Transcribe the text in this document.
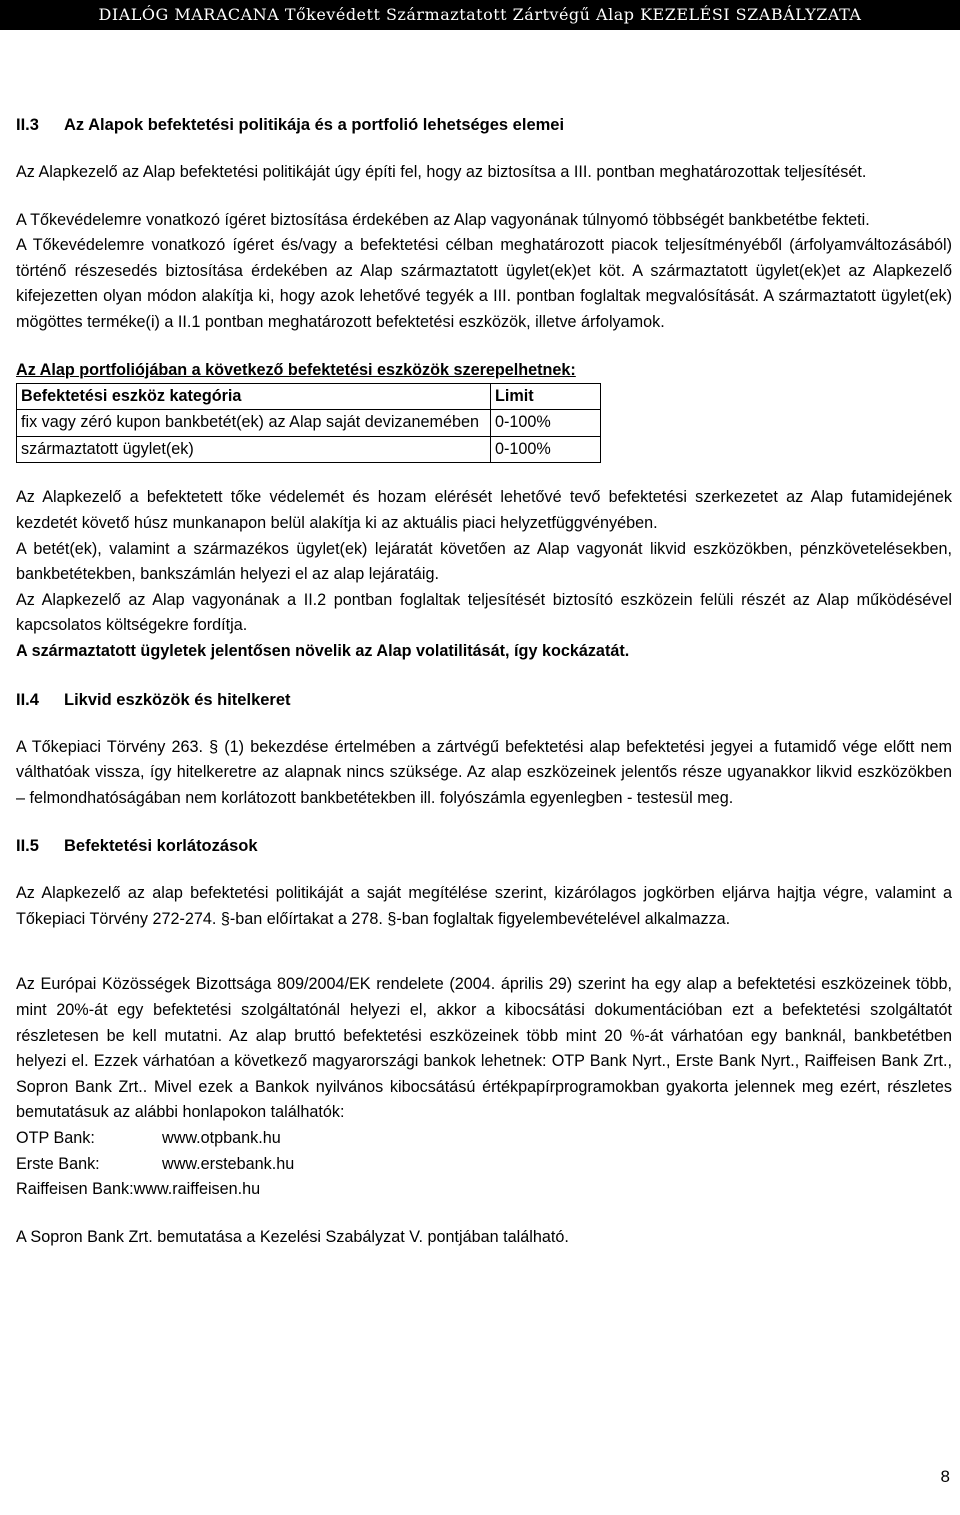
DIALÓG MARACANA Tőkevédett Származtatott Zártvégű Alap KEZELÉSI SZABÁLYZATA
II.3 Az Alapok befektetési politikája és a portfolió lehetséges elemei

Az Alapkezelő az Alap befektetési politikáját úgy építi fel, hogy az biztosítsa a III. pontban meghatározottak teljesítését.

A Tőkevédelemre vonatkozó ígéret biztosítása érdekében az Alap vagyonának túlnyomó többségét bankbetétbe fekteti.

A Tőkevédelemre vonatkozó ígéret és/vagy a befektetési célban meghatározott piacok teljesítményéből (árfolyamváltozásából) történő részesedés biztosítása érdekében az Alap származtatott ügylet(ek)et köt. A származtatott ügylet(ek)et az Alapkezelő kifejezetten olyan módon alakítja ki, hogy azok lehetővé tegyék a III. pontban foglaltak megvalósítását. A származtatott ügylet(ek) mögöttes terméke(i) a II.1 pontban meghatározott befektetési eszközök, illetve árfolyamok.

Az Alap portfoliójában a következő befektetési eszközök szerepelhetnek:

Befektetési eszköz kategória	Limit
fix vagy zéró kupon bankbetét(ek) az Alap saját devizanemében	0-100%
származtatott ügylet(ek)	0-100%

Az Alapkezelő a befektetett tőke védelemét és hozam elérését lehetővé tevő befektetési szerkezetet az Alap futamidejének kezdetét követő húsz munkanapon belül alakítja ki az aktuális piaci helyzetfüggvényében.

A betét(ek), valamint a származékos ügylet(ek) lejáratát követően az Alap vagyonát likvid eszközökben, pénzkövetelésekben, bankbetétekben, bankszámlán helyezi el az alap lejáratáig.

Az Alapkezelő az Alap vagyonának a II.2 pontban foglaltak teljesítését biztosító eszközein felüli részét az Alap működésével kapcsolatos költségekre fordítja.

A származtatott ügyletek jelentősen növelik az Alap volatilitását, így kockázatát.

II.4 Likvid eszközök és hitelkeret

A Tőkepiaci Törvény 263. § (1) bekezdése értelmében a zártvégű befektetési alap befektetési jegyei a futamidő vége előtt nem válthatóak vissza, így hitelkeretre az alapnak nincs szüksége. Az alap eszközeinek jelentős része ugyanakkor likvid eszközökben – felmondhatóságában nem korlátozott bankbetétekben ill. folyószámla egyenlegben - testesül meg.

II.5 Befektetési korlátozások

Az Alapkezelő az alap befektetési politikáját a saját megítélése szerint, kizárólagos jogkörben eljárva hajtja végre, valamint a Tőkepiaci Törvény 272-274. §-ban előírtakat a 278. §-ban foglaltak figyelembevételével alkalmazza.

Az Európai Közösségek Bizottsága 809/2004/EK rendelete (2004. április 29) szerint ha egy alap a befektetési eszközeinek több, mint 20%-át egy befektetési szolgáltatónál helyezi el, akkor a kibocsátási dokumentációban ezt a befektetési szolgáltatót részletesen be kell mutatni. Az alap bruttó befektetési eszközeinek több mint 20 %-át várhatóan egy banknál, bankbetétben helyezi el. Ezzek várhatóan a következő magyarországi bankok lehetnek: OTP Bank Nyrt., Erste Bank Nyrt., Raiffeisen Bank Zrt., Sopron Bank Zrt.. Mivel ezek a Bankok nyilvános kibocsátású értékpapírprogramokban gyakorta jelennek meg ezért, részletes bemutatásuk az alábbi honlapokon találhatók:

OTP Bank:	www.otpbank.hu
Erste Bank:	www.erstebank.hu
Raiffeisen Bank: www.raiffeisen.hu

A Sopron Bank Zrt. bemutatása a Kezelési Szabályzat V. pontjában található.

8
